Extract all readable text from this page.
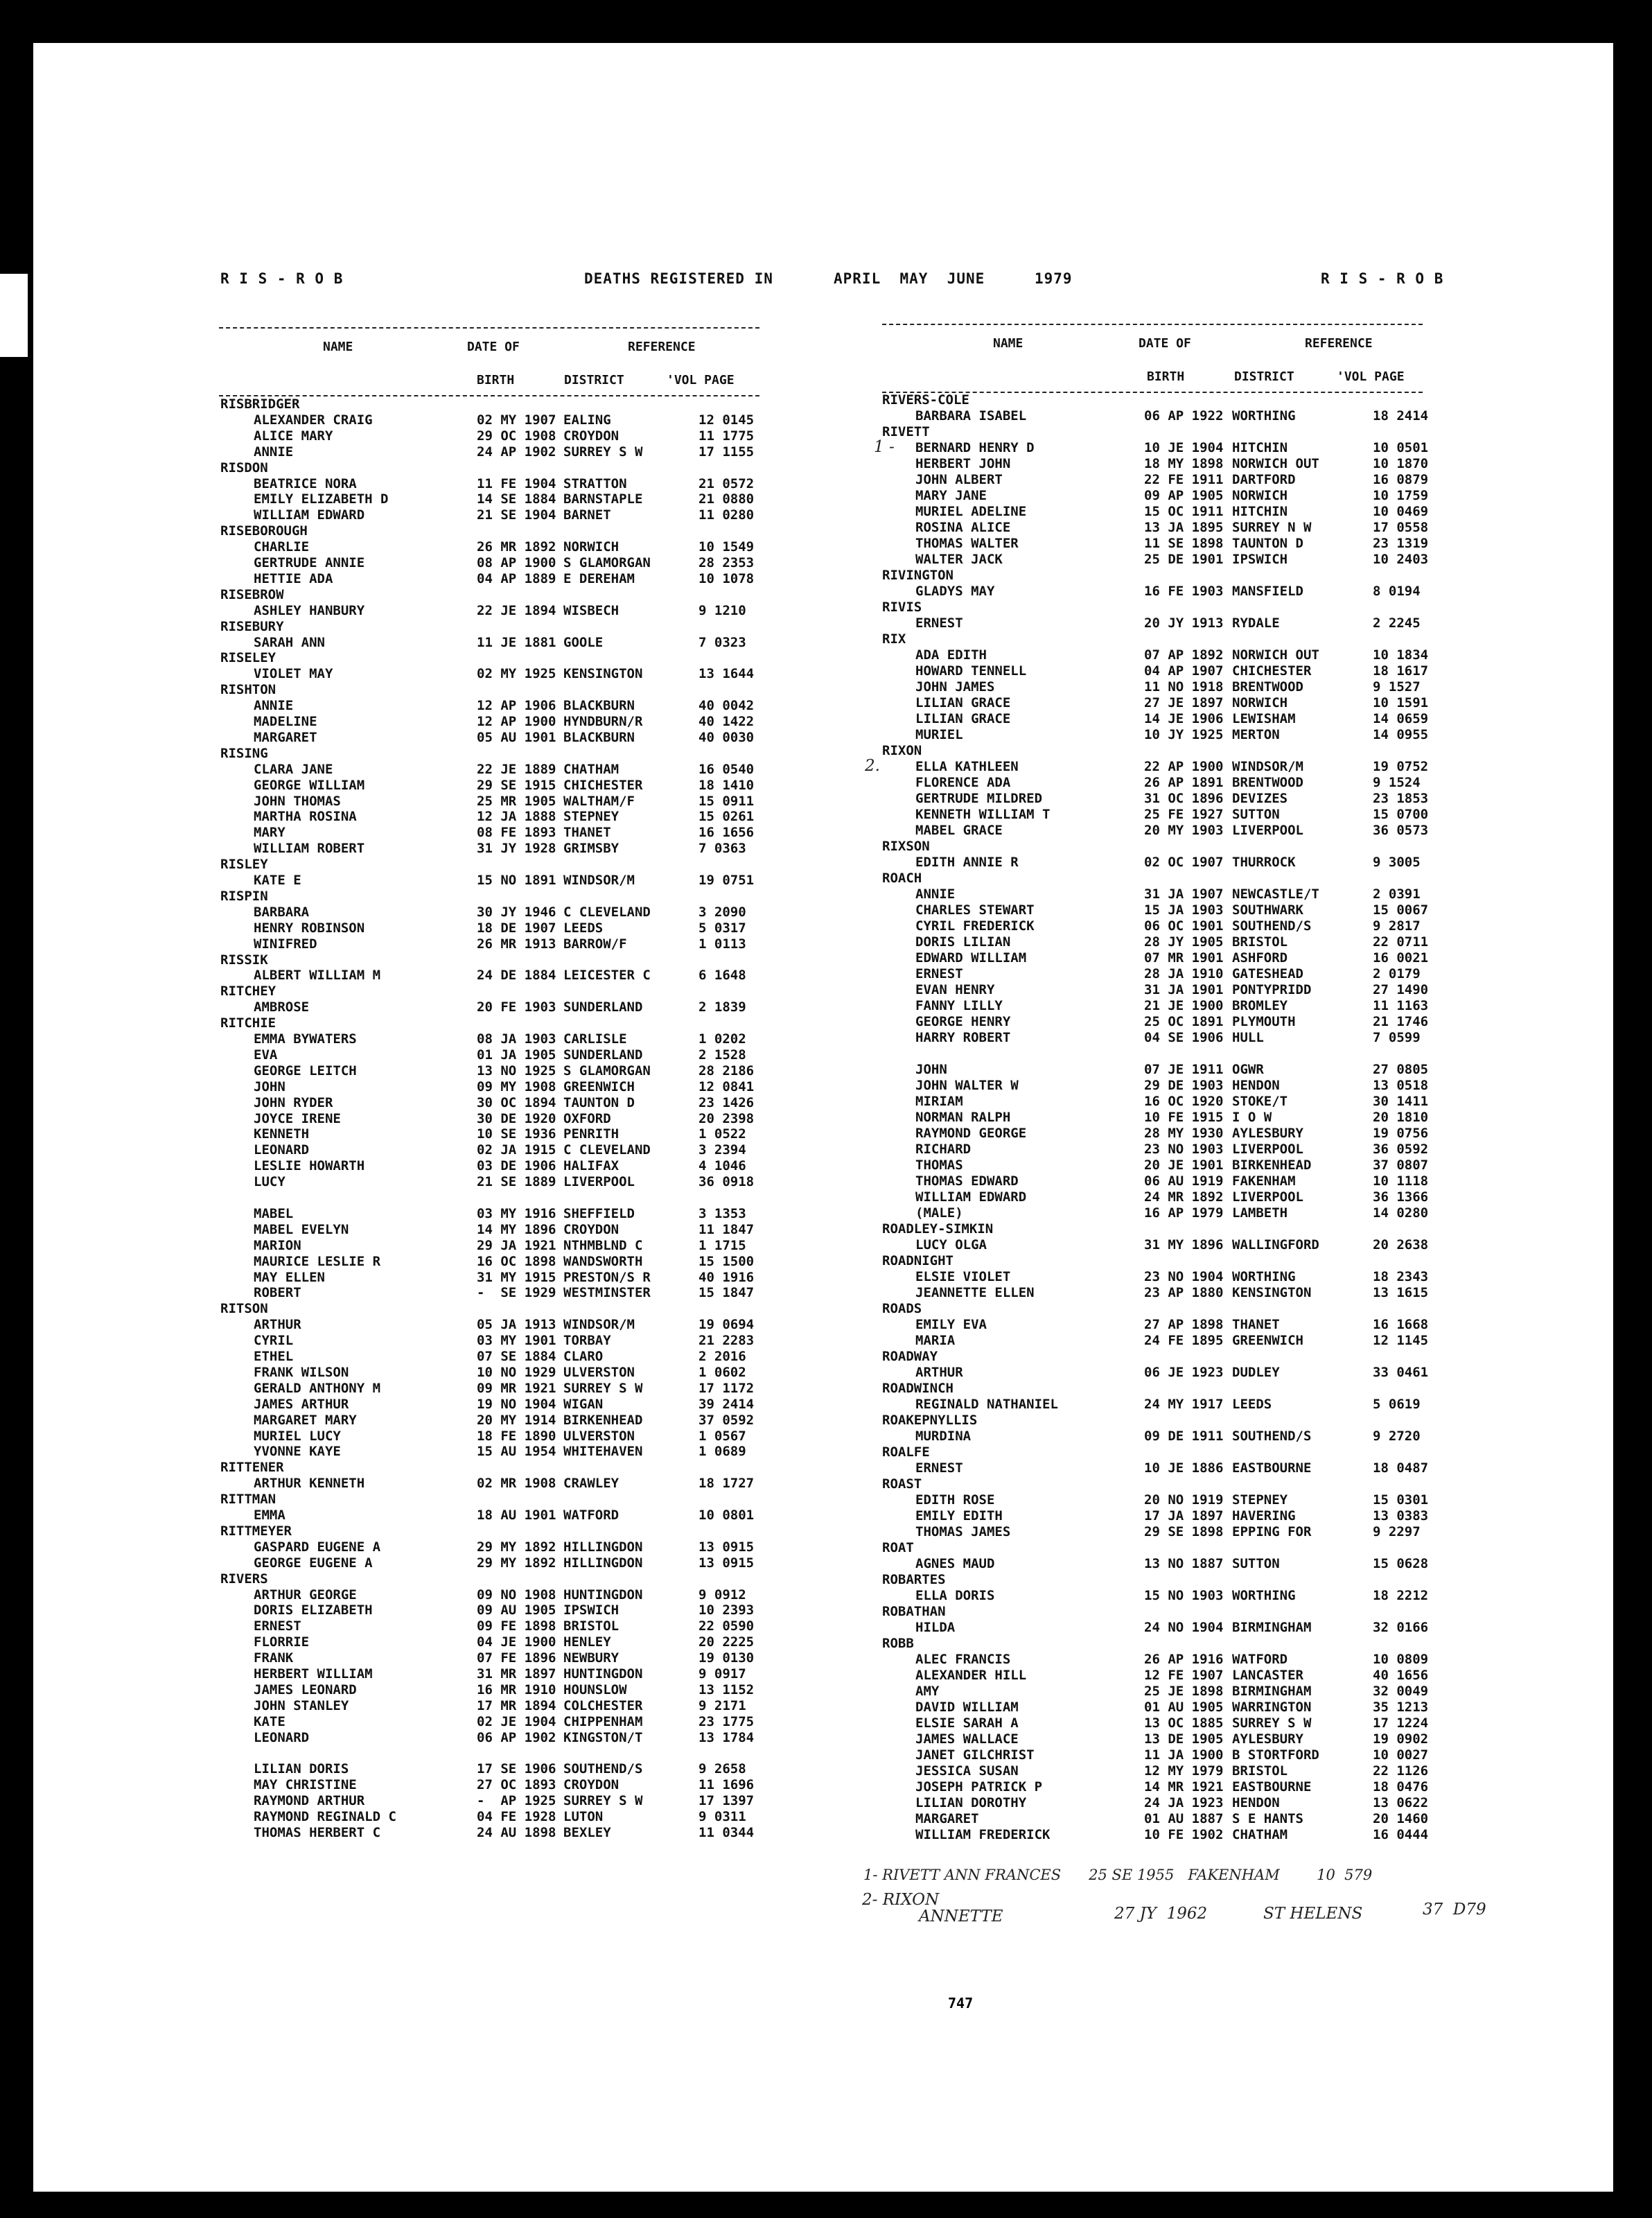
R I S - R O B	DEATHS REGISTERED IN	APRIL  MAY  JUNE	1979	R I S - R O B
NAME	DATE OF	REFERENCE
BIRTH	DISTRICT	'VOL PAGE
NAME	DATE OF	REFERENCE
BIRTH	DISTRICT	'VOL PAGE
RISBRIDGER
ALEXANDER CRAIG	02 MY 1907 EALING	12 0145
ALICE MARY	29 OC 1908 CROYDON	11 1775
ANNIE	24 AP 1902 SURREY S W	17 1155
RISDON
BEATRICE NORA	11 FE 1904 STRATTON	21 0572
EMILY ELIZABETH D	14 SE 1884 BARNSTAPLE	21 0880
WILLIAM EDWARD	21 SE 1904 BARNET	11 0280
RISEBOROUGH
CHARLIE	26 MR 1892 NORWICH	10 1549
GERTRUDE ANNIE	08 AP 1900 S GLAMORGAN	28 2353
HETTIE ADA	04 AP 1889 E DEREHAM	10 1078
RISEBROW
ASHLEY HANBURY	22 JE 1894 WISBECH	9 1210
RISEBURY
SARAH ANN	11 JE 1881 GOOLE	7 0323
RISELEY
VIOLET MAY	02 MY 1925 KENSINGTON	13 1644
RISHTON
ANNIE	12 AP 1906 BLACKBURN	40 0042
MADELINE	12 AP 1900 HYNDBURN/R	40 1422
MARGARET	05 AU 1901 BLACKBURN	40 0030
RISING
CLARA JANE	22 JE 1889 CHATHAM	16 0540
GEORGE WILLIAM	29 SE 1915 CHICHESTER	18 1410
JOHN THOMAS	25 MR 1905 WALTHAM/F	15 0911
MARTHA ROSINA	12 JA 1888 STEPNEY	15 0261
MARY	08 FE 1893 THANET	16 1656
WILLIAM ROBERT	31 JY 1928 GRIMSBY	7 0363
RISLEY
KATE E	15 NO 1891 WINDSOR/M	19 0751
RISPIN
BARBARA	30 JY 1946 C CLEVELAND	3 2090
HENRY ROBINSON	18 DE 1907 LEEDS	5 0317
WINIFRED	26 MR 1913 BARROW/F	1 0113
RISSIK
ALBERT WILLIAM M	24 DE 1884 LEICESTER C	6 1648
RITCHEY
AMBROSE	20 FE 1903 SUNDERLAND	2 1839
RITCHIE
EMMA BYWATERS	08 JA 1903 CARLISLE	1 0202
EVA	01 JA 1905 SUNDERLAND	2 1528
GEORGE LEITCH	13 NO 1925 S GLAMORGAN	28 2186
JOHN	09 MY 1908 GREENWICH	12 0841
JOHN RYDER	30 OC 1894 TAUNTON D	23 1426
JOYCE IRENE	30 DE 1920 OXFORD	20 2398
KENNETH	10 SE 1936 PENRITH	1 0522
LEONARD	02 JA 1915 C CLEVELAND	3 2394
LESLIE HOWARTH	03 DE 1906 HALIFAX	4 1046
LUCY	21 SE 1889 LIVERPOOL	36 0918
MABEL	03 MY 1916 SHEFFIELD	3 1353
MABEL EVELYN	14 MY 1896 CROYDON	11 1847
MARION	29 JA 1921 NTHMBLND C	1 1715
MAURICE LESLIE R	16 OC 1898 WANDSWORTH	15 1500
MAY ELLEN	31 MY 1915 PRESTON/S R	40 1916
ROBERT	-  SE 1929 WESTMINSTER	15 1847
RITSON
ARTHUR	05 JA 1913 WINDSOR/M	19 0694
CYRIL	03 MY 1901 TORBAY	21 2283
ETHEL	07 SE 1884 CLARO	2 2016
FRANK WILSON	10 NO 1929 ULVERSTON	1 0602
GERALD ANTHONY M	09 MR 1921 SURREY S W	17 1172
JAMES ARTHUR	19 NO 1904 WIGAN	39 2414
MARGARET MARY	20 MY 1914 BIRKENHEAD	37 0592
MURIEL LUCY	18 FE 1890 ULVERSTON	1 0567
YVONNE KAYE	15 AU 1954 WHITEHAVEN	1 0689
RITTENER
ARTHUR KENNETH	02 MR 1908 CRAWLEY	18 1727
RITTMAN
EMMA	18 AU 1901 WATFORD	10 0801
RITTMEYER
GASPARD EUGENE A	29 MY 1892 HILLINGDON	13 0915
GEORGE EUGENE A	29 MY 1892 HILLINGDON	13 0915
RIVERS
ARTHUR GEORGE	09 NO 1908 HUNTINGDON	9 0912
DORIS ELIZABETH	09 AU 1905 IPSWICH	10 2393
ERNEST	09 FE 1898 BRISTOL	22 0590
FLORRIE	04 JE 1900 HENLEY	20 2225
FRANK	07 FE 1896 NEWBURY	19 0130
HERBERT WILLIAM	31 MR 1897 HUNTINGDON	9 0917
JAMES LEONARD	16 MR 1910 HOUNSLOW	13 1152
JOHN STANLEY	17 MR 1894 COLCHESTER	9 2171
KATE	02 JE 1904 CHIPPENHAM	23 1775
LEONARD	06 AP 1902 KINGSTON/T	13 1784
LILIAN DORIS	17 SE 1906 SOUTHEND/S	9 2658
MAY CHRISTINE	27 OC 1893 CROYDON	11 1696
RAYMOND ARTHUR	-  AP 1925 SURREY S W	17 1397
RAYMOND REGINALD C	04 FE 1928 LUTON	9 0311
THOMAS HERBERT C	24 AU 1898 BEXLEY	11 0344
RIVERS-COLE
BARBARA ISABEL	06 AP 1922 WORTHING	18 2414
RIVETT
BERNARD HENRY D	10 JE 1904 HITCHIN	10 0501
HERBERT JOHN	18 MY 1898 NORWICH OUT	10 1870
JOHN ALBERT	22 FE 1911 DARTFORD	16 0879
MARY JANE	09 AP 1905 NORWICH	10 1759
MURIEL ADELINE	15 OC 1911 HITCHIN	10 0469
ROSINA ALICE	13 JA 1895 SURREY N W	17 0558
THOMAS WALTER	11 SE 1898 TAUNTON D	23 1319
WALTER JACK	25 DE 1901 IPSWICH	10 2403
RIVINGTON
GLADYS MAY	16 FE 1903 MANSFIELD	8 0194
RIVIS
ERNEST	20 JY 1913 RYDALE	2 2245
RIX
ADA EDITH	07 AP 1892 NORWICH OUT	10 1834
HOWARD TENNELL	04 AP 1907 CHICHESTER	18 1617
JOHN JAMES	11 NO 1918 BRENTWOOD	9 1527
LILIAN GRACE	27 JE 1897 NORWICH	10 1591
LILIAN GRACE	14 JE 1906 LEWISHAM	14 0659
MURIEL	10 JY 1925 MERTON	14 0955
RIXON
ELLA KATHLEEN	22 AP 1900 WINDSOR/M	19 0752
FLORENCE ADA	26 AP 1891 BRENTWOOD	9 1524
GERTRUDE MILDRED	31 OC 1896 DEVIZES	23 1853
KENNETH WILLIAM T	25 FE 1927 SUTTON	15 0700
MABEL GRACE	20 MY 1903 LIVERPOOL	36 0573
RIXSON
EDITH ANNIE R	02 OC 1907 THURROCK	9 3005
ROACH
ANNIE	31 JA 1907 NEWCASTLE/T	2 0391
CHARLES STEWART	15 JA 1903 SOUTHWARK	15 0067
CYRIL FREDERICK	06 OC 1901 SOUTHEND/S	9 2817
DORIS LILIAN	28 JY 1905 BRISTOL	22 0711
EDWARD WILLIAM	07 MR 1901 ASHFORD	16 0021
ERNEST	28 JA 1910 GATESHEAD	2 0179
EVAN HENRY	31 JA 1901 PONTYPRIDD	27 1490
FANNY LILLY	21 JE 1900 BROMLEY	11 1163
GEORGE HENRY	25 OC 1891 PLYMOUTH	21 1746
HARRY ROBERT	04 SE 1906 HULL	7 0599
JOHN	07 JE 1911 OGWR	27 0805
JOHN WALTER W	29 DE 1903 HENDON	13 0518
MIRIAM	16 OC 1920 STOKE/T	30 1411
NORMAN RALPH	10 FE 1915 I O W	20 1810
RAYMOND GEORGE	28 MY 1930 AYLESBURY	19 0756
RICHARD	23 NO 1903 LIVERPOOL	36 0592
THOMAS	20 JE 1901 BIRKENHEAD	37 0807
THOMAS EDWARD	06 AU 1919 FAKENHAM	10 1118
WILLIAM EDWARD	24 MR 1892 LIVERPOOL	36 1366
(MALE)	16 AP 1979 LAMBETH	14 0280
ROADLEY-SIMKIN
LUCY OLGA	31 MY 1896 WALLINGFORD	20 2638
ROADNIGHT
ELSIE VIOLET	23 NO 1904 WORTHING	18 2343
JEANNETTE ELLEN	23 AP 1880 KENSINGTON	13 1615
ROADS
EMILY EVA	27 AP 1898 THANET	16 1668
MARIA	24 FE 1895 GREENWICH	12 1145
ROADWAY
ARTHUR	06 JE 1923 DUDLEY	33 0461
ROADWINCH
REGINALD NATHANIEL	24 MY 1917 LEEDS	5 0619
ROAKEPNYLLIS
MURDINA	09 DE 1911 SOUTHEND/S	9 2720
ROALFE
ERNEST	10 JE 1886 EASTBOURNE	18 0487
ROAST
EDITH ROSE	20 NO 1919 STEPNEY	15 0301
EMILY EDITH	17 JA 1897 HAVERING	13 0383
THOMAS JAMES	29 SE 1898 EPPING FOR	9 2297
ROAT
AGNES MAUD	13 NO 1887 SUTTON	15 0628
ROBARTES
ELLA DORIS	15 NO 1903 WORTHING	18 2212
ROBATHAN
HILDA	24 NO 1904 BIRMINGHAM	32 0166
ROBB
ALEC FRANCIS	26 AP 1916 WATFORD	10 0809
ALEXANDER HILL	12 FE 1907 LANCASTER	40 1656
AMY	25 JE 1898 BIRMINGHAM	32 0049
DAVID WILLIAM	01 AU 1905 WARRINGTON	35 1213
ELSIE SARAH A	13 OC 1885 SURREY S W	17 1224
JAMES WALLACE	13 DE 1905 AYLESBURY	19 0902
JANET GILCHRIST	11 JA 1900 B STORTFORD	10 0027
JESSICA SUSAN	12 MY 1979 BRISTOL	22 1126
JOSEPH PATRICK P	14 MR 1921 EASTBOURNE	18 0476
LILIAN DOROTHY	24 JA 1923 HENDON	13 0622
MARGARET	01 AU 1887 S E HANTS	20 1460
WILLIAM FREDERICK	10 FE 1902 CHATHAM	16 0444
1 -
2.
1- RIVETT ANN FRANCES      25 SE 1955   FAKENHAM        10  579
2- RIXON
ANNETTE	27 JY  1962	ST HELENS	37  D79
747
